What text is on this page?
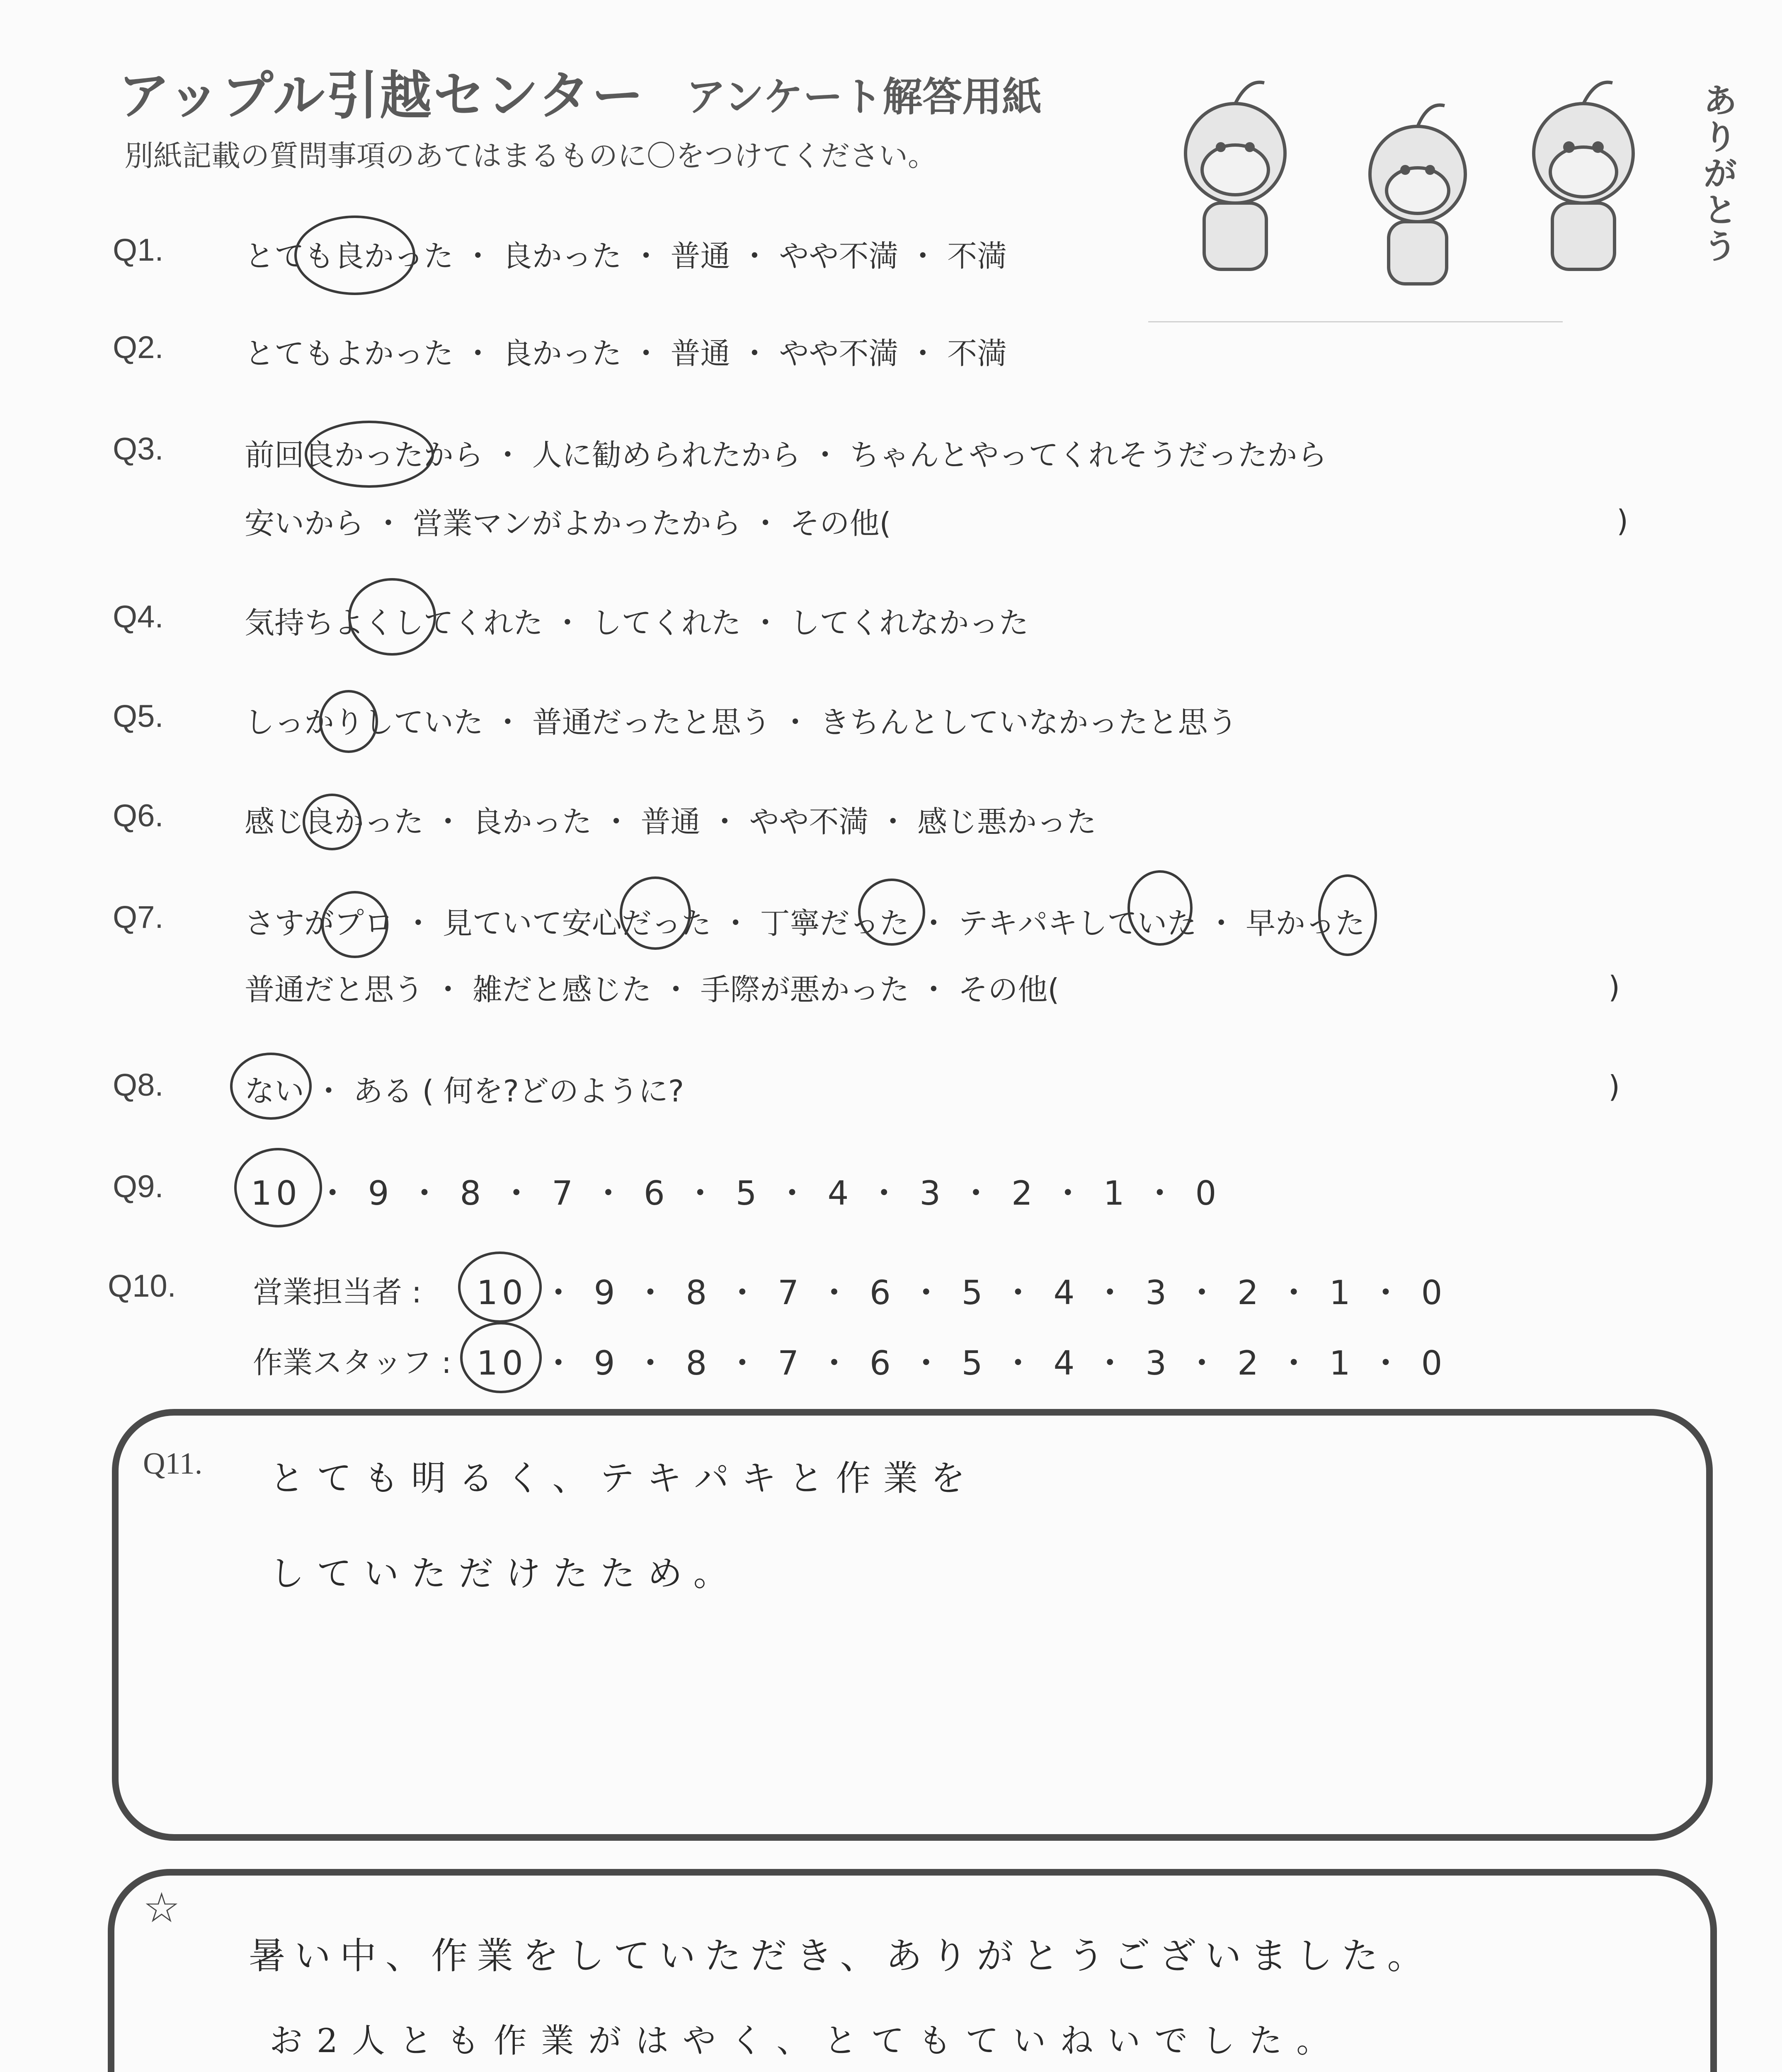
アップル引越センター アンケート解答用紙
別紙記載の質問事項のあてはまるものに〇をつけてください。
ありがとう
Q1.	とても良かった ・ 良かった ・ 普通 ・ やや不満 ・ 不満
Q2.	とてもよかった ・ 良かった ・ 普通 ・ やや不満 ・ 不満
Q3.	前回良かったから ・ 人に勧められたから ・ ちゃんとやってくれそうだったから
安いから ・ 営業マンがよかったから ・ その他(	)
Q4.	気持ちよくしてくれた ・ してくれた ・ してくれなかった
Q5.	しっかりしていた ・ 普通だったと思う ・ きちんとしていなかったと思う
Q6.	感じ良かった ・ 良かった ・ 普通 ・ やや不満 ・ 感じ悪かった
Q7.	さすがプロ ・ 見ていて安心だった ・ 丁寧だった ・ テキパキしていた ・ 早かった
普通だと思う ・ 雑だと感じた ・ 手際が悪かった ・ その他(	)
Q8.	ない ・ ある ( 何を?どのように?	)
Q9.	10 ・ 9 ・ 8 ・ 7 ・ 6 ・ 5 ・ 4 ・ 3 ・ 2 ・ 1 ・ 0
Q10.	営業担当者 : 10 ・ 9 ・ 8 ・ 7 ・ 6 ・ 5 ・ 4 ・ 3 ・ 2 ・ 1 ・ 0
作業スタッフ : 10 ・ 9 ・ 8 ・ 7 ・ 6 ・ 5 ・ 4 ・ 3 ・ 2 ・ 1 ・ 0
Q11. とても明るく、テキパキと作業を
していただけたため。
☆
暑い中、作業をしていただき、ありがとうございました。
お2人とも作業がはやく、とてもていねいでした。
